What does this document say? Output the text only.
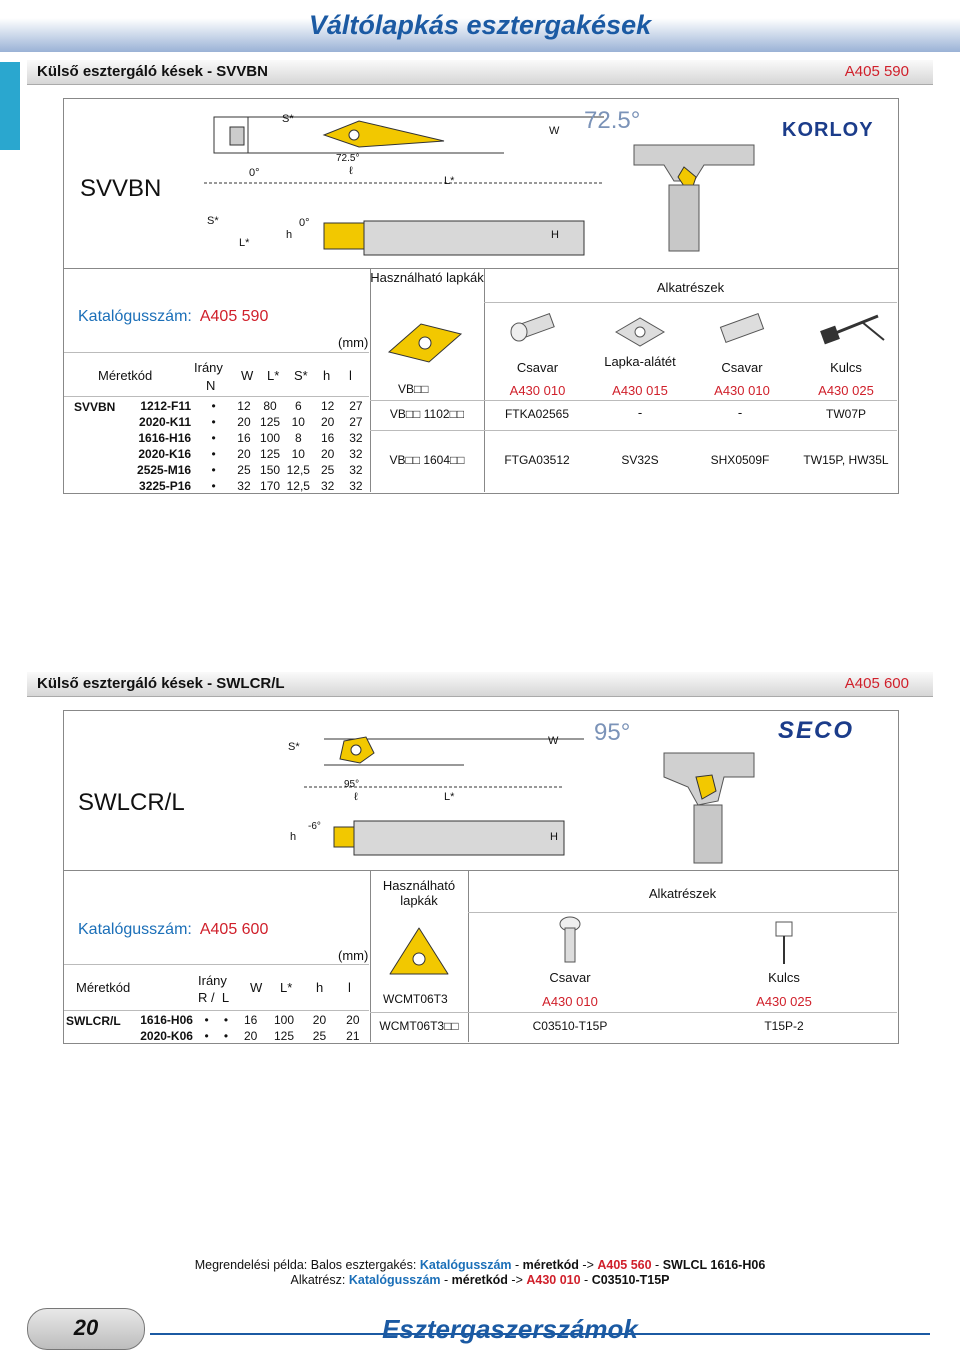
Váltólapkás esztergakések
Külső esztergáló kések - SVVBN	A405 590
SVVBN
S*
0°
72.5°
ℓ
L*
W
S*
L*
h
0°
H
72.5°	KORLOY
Katalógusszám: A405 590
(mm)
Méretkód
Irány
N
W L* S* h l
SVVBN 1212-F11	•	12	80	6	12	27
2020-K11	•	20	125	10	20	27
1616-H16	•	16	100	8	16	32
2020-K16	•	20	125	10	20	32
2525-M16	•	25	150	12,5	25	32
3225-P16	•	32	170	12,5	32	32
Használható lapkák
Alkatrészek
VB□□
Csavar
A430 010
Lapka-alátét
A430 015
Csavar
A430 010
Kulcs
A430 025
VB□□ 1102□□	FTKA02565	-	-	TW07P
VB□□ 1604□□	FTGA03512	SV32S	SHX0509F	TW15P, HW35L
Külső esztergáló kések - SWLCR/L	A405 600
SWLCR/L
S*	W
95°
ℓ	L*
h
-6°
H
95°	SECO
Katalógusszám: A405 600
(mm)
Méretkód	Irány
R /  L
W L* h l
SWLCR/L 1616-H06	•	•	16	100	20	20
2020-K06	•	•	20	125	25	21
Használható lapkák	Alkatrészek
WCMT06T3
Csavar
A430 010
Kulcs
A430 025
WCMT06T3□□	C03510-T15P	T15P-2
Megrendelési példa: Balos esztergakés: Katalógusszám - méretkód -> A405 560 - SWLCL 1616-H06
Alkatrész: Katalógusszám - méretkód -> A430 010 - C03510-T15P
20	Esztergaszerszámok
